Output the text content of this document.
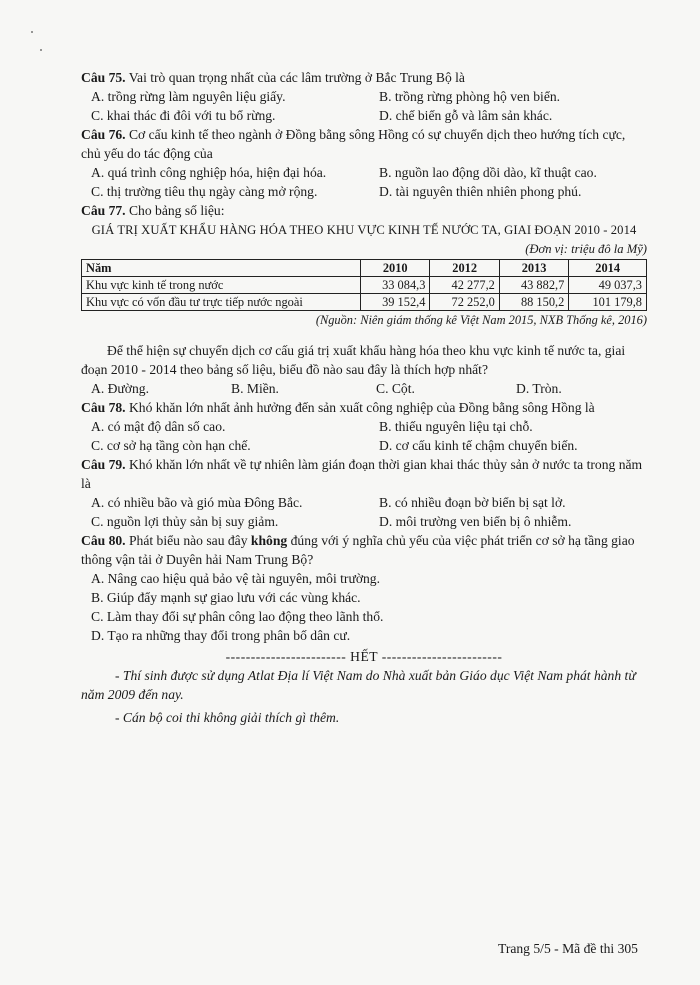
Câu 75. Vai trò quan trọng nhất của các lâm trường ở Bắc Trung Bộ là

A. trồng rừng làm nguyên liệu giấy.	B. trồng rừng phòng hộ ven biển.
C. khai thác đi đôi với tu bổ rừng.	D. chế biến gỗ và lâm sản khác.

Câu 76. Cơ cấu kinh tế theo ngành ở Đồng bằng sông Hồng có sự chuyển dịch theo hướng tích cực, chủ yếu do tác động của

A. quá trình công nghiệp hóa, hiện đại hóa.	B. nguồn lao động dồi dào, kĩ thuật cao.
C. thị trường tiêu thụ ngày càng mở rộng.	D. tài nguyên thiên nhiên phong phú.

Câu 77. Cho bảng số liệu:

GIÁ TRỊ XUẤT KHẨU HÀNG HÓA THEO KHU VỰC KINH TẾ NƯỚC TA, GIAI ĐOẠN 2010 - 2014
(Đơn vị: triệu đô la Mỹ)
Năm	2010	2012	2013	2014
Khu vực kinh tế trong nước	33 084,3	42 277,2	43 882,7	49 037,3
Khu vực có vốn đầu tư trực tiếp nước ngoài	39 152,4	72 252,0	88 150,2	101 179,8
(Nguồn: Niên giám thống kê Việt Nam 2015, NXB Thống kê, 2016)

Để thể hiện sự chuyển dịch cơ cấu giá trị xuất khẩu hàng hóa theo khu vực kinh tế nước ta, giai đoạn 2010 - 2014 theo bảng số liệu, biểu đồ nào sau đây là thích hợp nhất?

A. Đường.	B. Miền.	C. Cột.	D. Tròn.

Câu 78. Khó khăn lớn nhất ảnh hưởng đến sản xuất công nghiệp của Đồng bằng sông Hồng là

A. có mật độ dân số cao.	B. thiếu nguyên liệu tại chỗ.
C. cơ sở hạ tầng còn hạn chế.	D. cơ cấu kinh tế chậm chuyển biến.

Câu 79. Khó khăn lớn nhất về tự nhiên làm gián đoạn thời gian khai thác thủy sản ở nước ta trong năm là

A. có nhiều bão và gió mùa Đông Bắc.	B. có nhiều đoạn bờ biển bị sạt lở.
C. nguồn lợi thủy sản bị suy giảm.	D. môi trường ven biển bị ô nhiễm.

Câu 80. Phát biểu nào sau đây không đúng với ý nghĩa chủ yếu của việc phát triển cơ sở hạ tầng giao thông vận tải ở Duyên hải Nam Trung Bộ?

A. Nâng cao hiệu quả bảo vệ tài nguyên, môi trường.
B. Giúp đẩy mạnh sự giao lưu với các vùng khác.
C. Làm thay đổi sự phân công lao động theo lãnh thổ.
D. Tạo ra những thay đổi trong phân bố dân cư.
------------------------ HẾT ------------------------

- Thí sinh được sử dụng Atlat Địa lí Việt Nam do Nhà xuất bản Giáo dục Việt Nam phát hành từ năm 2009 đến nay.

- Cán bộ coi thi không giải thích gì thêm.

Trang 5/5 - Mã đề thi 305
